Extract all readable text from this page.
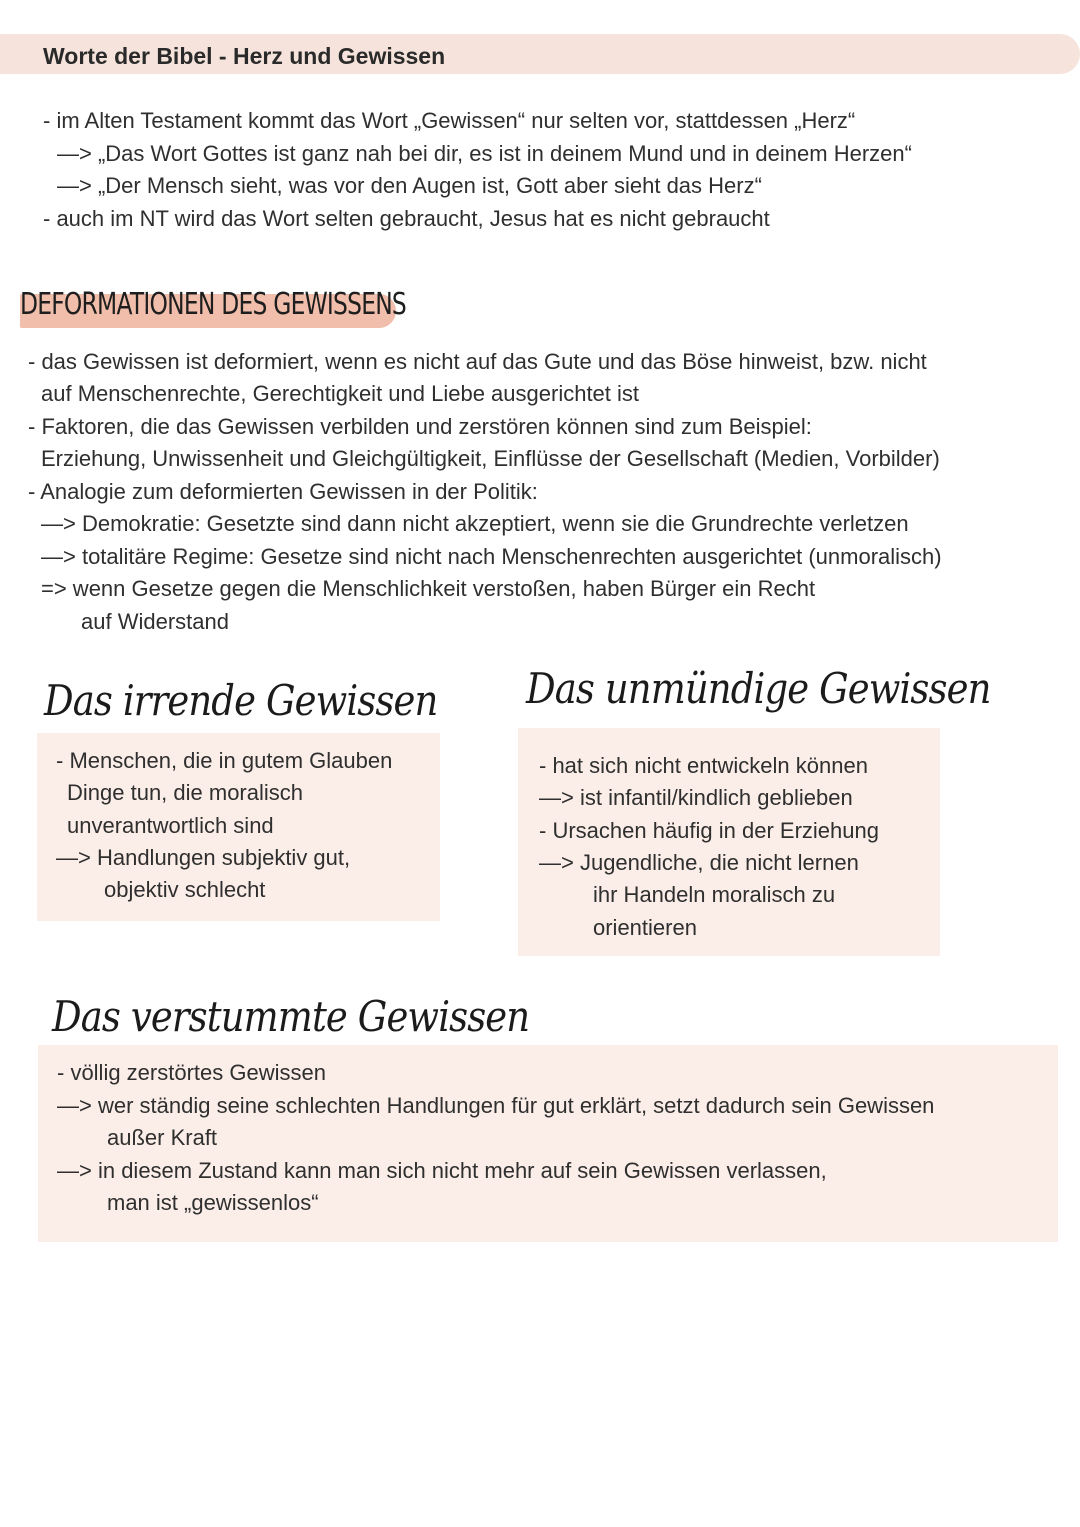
Worte der Bibel - Herz und Gewissen
- im Alten Testament kommt das Wort „Gewissen“ nur selten vor, stattdessen „Herz“
—> „Das Wort Gottes ist ganz nah bei dir, es ist in deinem Mund und in deinem Herzen“
—> „Der Mensch sieht, was vor den Augen ist, Gott aber sieht das Herz“
- auch im NT wird das Wort selten gebraucht, Jesus hat es nicht gebraucht
DEFORMATIONEN DES GEWISSENS
- das Gewissen ist deformiert, wenn es nicht auf das Gute und das Böse hinweist, bzw. nicht
auf Menschenrechte, Gerechtigkeit und Liebe ausgerichtet ist
- Faktoren, die das Gewissen verbilden und zerstören können sind zum Beispiel:
Erziehung, Unwissenheit und Gleichgültigkeit, Einflüsse der Gesellschaft (Medien, Vorbilder)
- Analogie zum deformierten Gewissen in der Politik:
—> Demokratie: Gesetzte sind dann nicht akzeptiert, wenn sie die Grundrechte verletzen
—> totalitäre Regime: Gesetze sind nicht nach Menschenrechten ausgerichtet (unmoralisch)
=> wenn Gesetze gegen die Menschlichkeit verstoßen, haben Bürger ein Recht
auf Widerstand
Das irrende Gewissen
- Menschen, die in gutem Glauben
Dinge tun, die moralisch
unverantwortlich sind
—> Handlungen subjektiv gut,
objektiv schlecht
Das unmündige Gewissen
- hat sich nicht entwickeln können
—> ist infantil/kindlich geblieben
- Ursachen häufig in der Erziehung
—> Jugendliche, die nicht lernen
ihr Handeln moralisch zu
orientieren
Das verstummte Gewissen
- völlig zerstörtes Gewissen
—> wer ständig seine schlechten Handlungen für gut erklärt, setzt dadurch sein Gewissen
außer Kraft
—> in diesem Zustand kann man sich nicht mehr auf sein Gewissen verlassen,
man ist „gewissenlos“
